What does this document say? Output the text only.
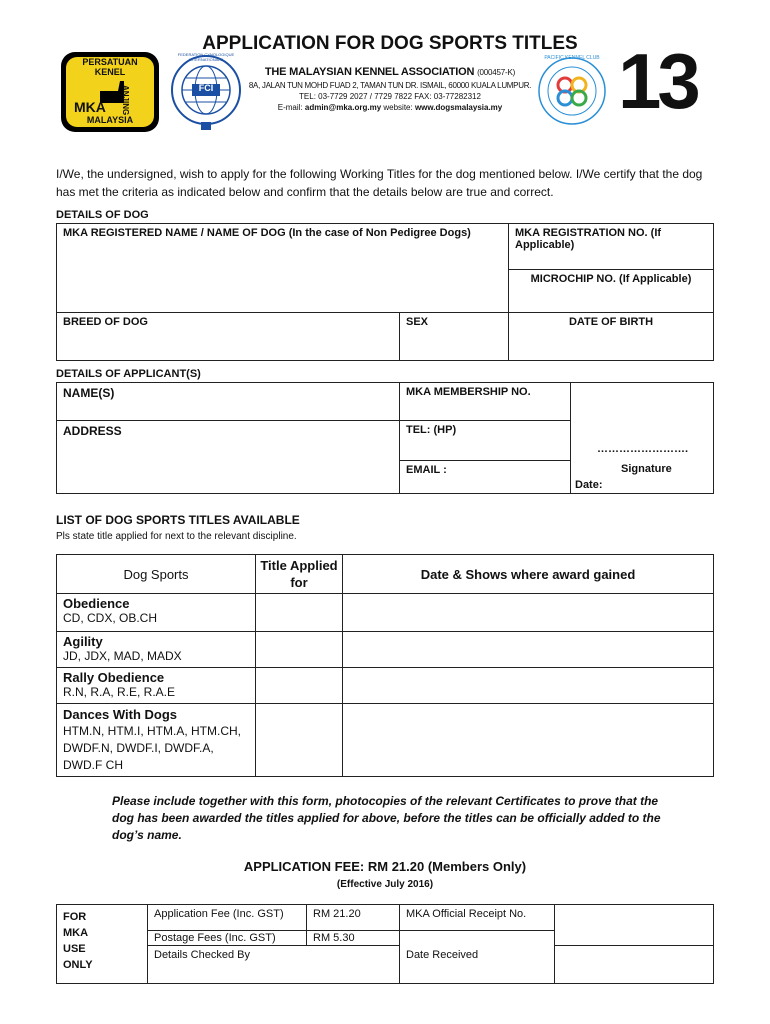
APPLICATION FOR DOG SPORTS TITLES
PERSATUAN KENEL
ANJING
MKA
MALAYSIA
FCI
FEDERATION CYNOLOGIQUE INTERNATIONALE
THE MALAYSIAN KENNEL ASSOCIATION (000457-K)
8A, JALAN TUN MOHD FUAD 2, TAMAN TUN DR. ISMAIL, 60000 KUALA LUMPUR.
TEL: 03-7729 2027 / 7729 7822 FAX: 03-77282312
E-mail: admin@mka.org.my website: www.dogsmalaysia.my
PACIFIC KENNEL CLUB 13
I/We, the undersigned, wish to apply for the following Working Titles for the dog mentioned below. I/We certify that the dog has met the criteria as indicated below and confirm that the details below are true and correct.
DETAILS OF DOG
MKA REGISTERED NAME / NAME OF DOG (In the case of Non Pedigree Dogs)		MKA REGISTRATION NO. (If Applicable)
		MICROCHIP NO. (If Applicable)
BREED OF DOG	SEX	DATE OF BIRTH
DETAILS OF APPLICANT(S)
NAME(S)	MKA MEMBERSHIP NO.	…………………….
Signature
Date:

ADDRESS	TEL: (HP)	
	EMAIL :	
LIST OF DOG SPORTS TITLES AVAILABLE
Pls state title applied for next to the relevant discipline.
Dog Sports	Title Applied for	Date & Shows where award gained

Obedience
CD, CDX, OB.CH		

Agility
JD, JDX, MAD, MADX		

Rally Obedience
R.N, R.A, R.E, R.A.E		

Dances With Dogs
HTM.N, HTM.I, HTM.A, HTM.CH, DWDF.N, DWDF.I, DWDF.A, DWD.F CH		

Please include together with this form, photocopies of the relevant Certificates to prove that the dog has been awarded the titles applied for above, before the titles can be officially added to the dog’s name.
APPLICATION FEE: RM 21.20 (Members Only)
(Effective July 2016)
FOR MKA USE ONLY	Application Fee (Inc. GST)	RM 21.20	MKA Official Receipt No.	
	Postage Fees (Inc. GST)	RM 5.30	Date Received	
	Details Checked By			
